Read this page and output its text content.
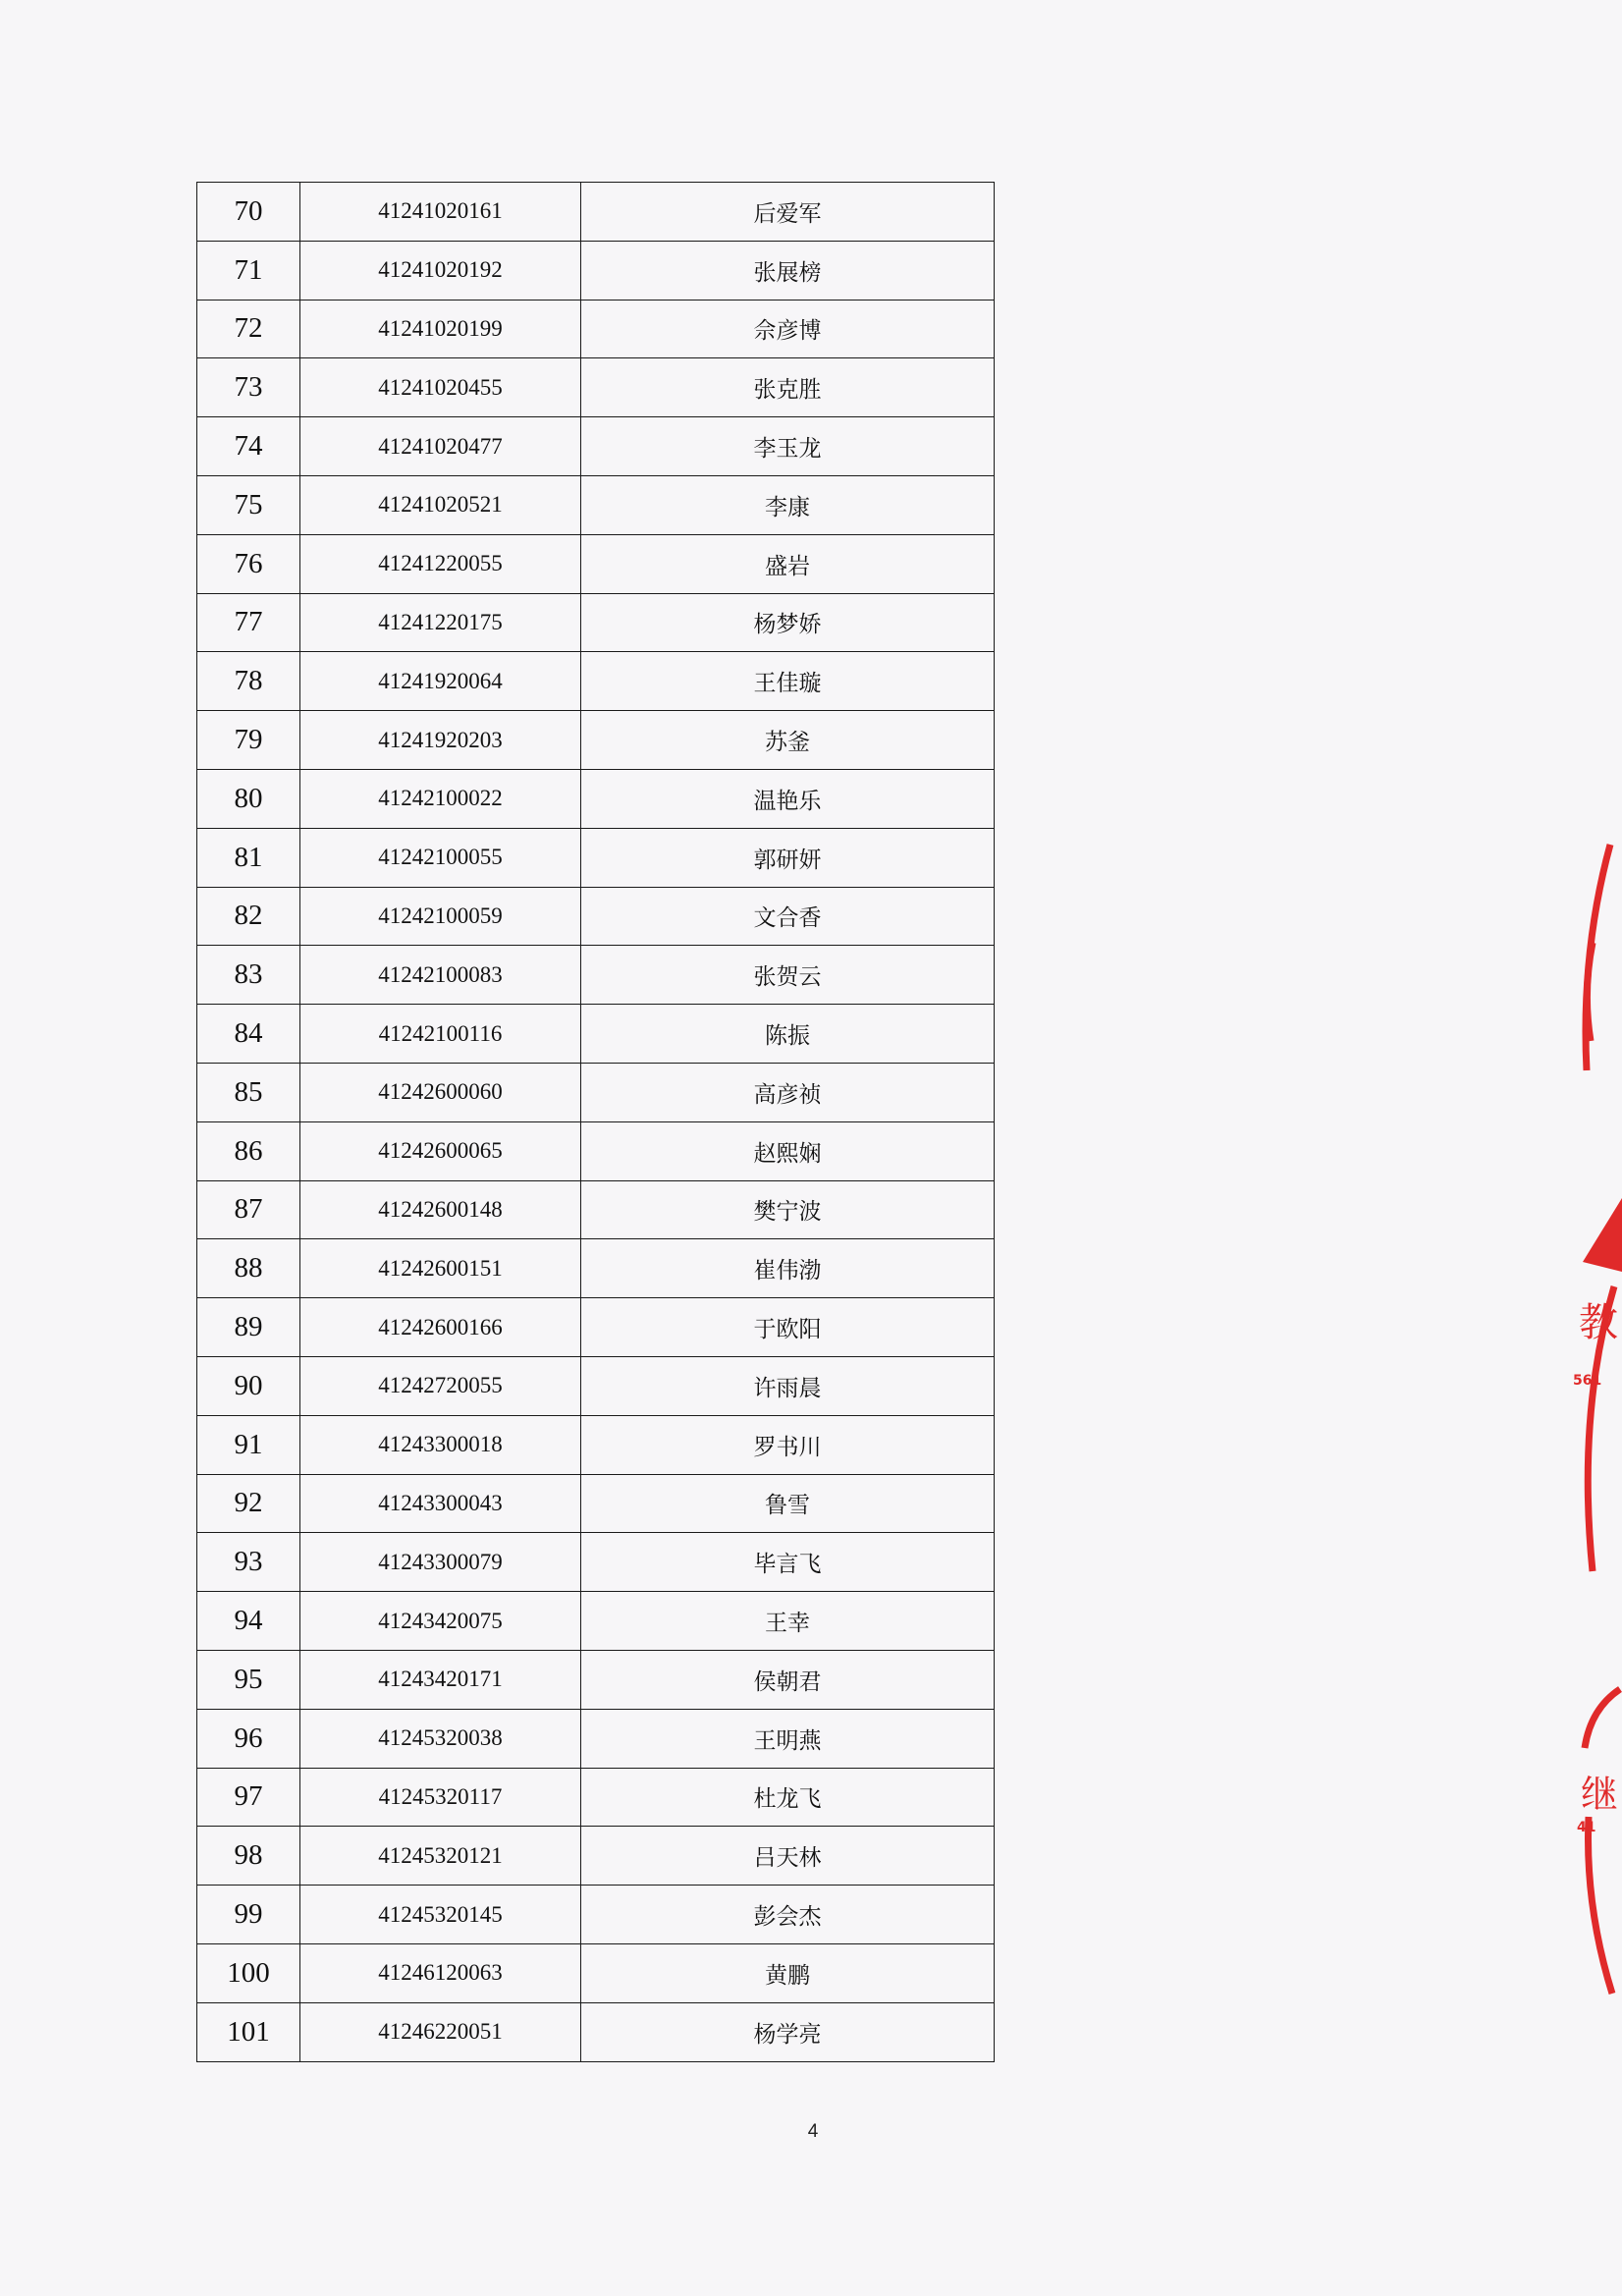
70	41241020161	后爱军
71	41241020192	张展榜
72	41241020199	佘彦博
73	41241020455	张克胜
74	41241020477	李玉龙
75	41241020521	李康
76	41241220055	盛岩
77	41241220175	杨梦娇
78	41241920064	王佳璇
79	41241920203	苏釜
80	41242100022	温艳乐
81	41242100055	郭研妍
82	41242100059	文合香
83	41242100083	张贺云
84	41242100116	陈振
85	41242600060	高彦祯
86	41242600065	赵熙娴
87	41242600148	樊宁波
88	41242600151	崔伟渤
89	41242600166	于欧阳
90	41242720055	许雨晨
91	41243300018	罗书川
92	41243300043	鲁雪
93	41243300079	毕言飞
94	41243420075	王幸
95	41243420171	侯朝君
96	41245320038	王明燕
97	41245320117	杜龙飞
98	41245320121	吕天林
99	41245320145	彭会杰
100	41246120063	黄鹏
101	41246220051	杨学亮
4
教
继
561
41
